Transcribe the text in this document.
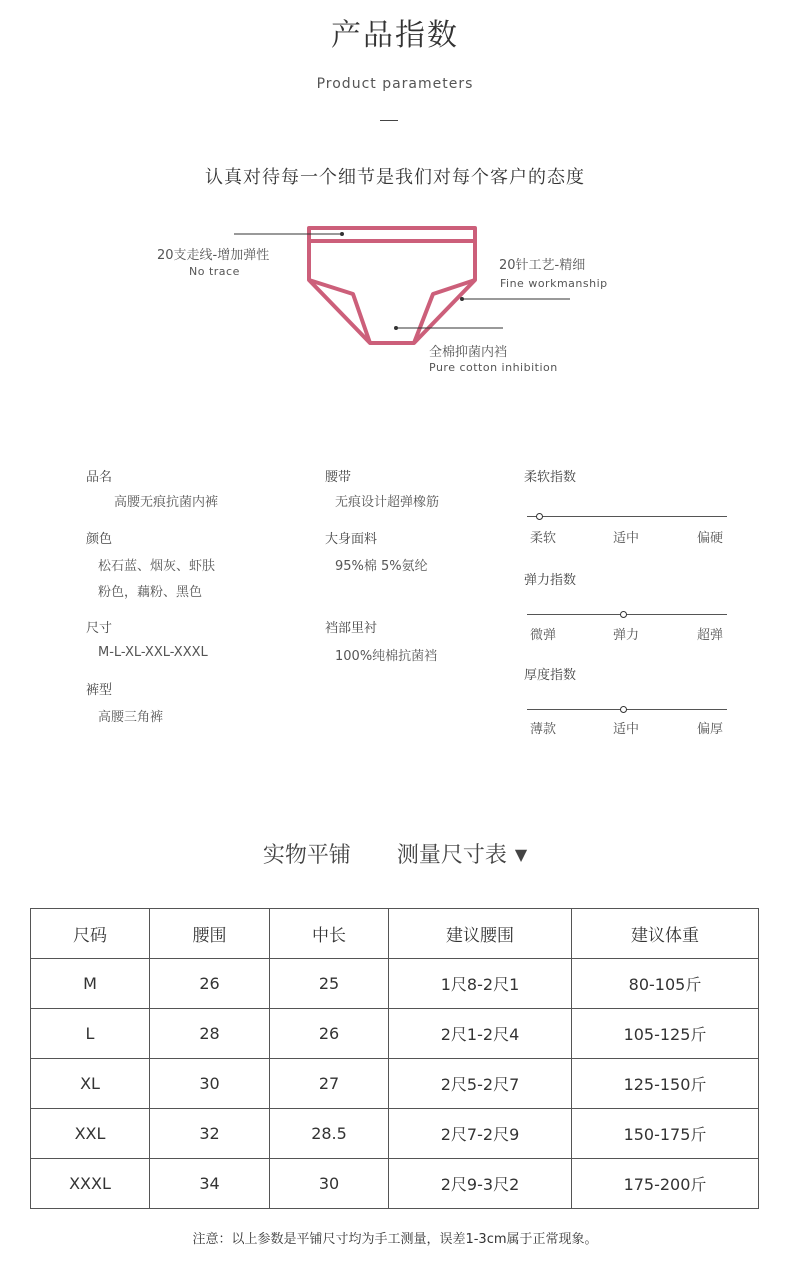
产品指数
Product parameters
认真对待每一个细节是我们对每个客户的态度
20支走线-增加弹性
No trace	20针工艺-精细
Fine workmanship
全棉抑菌内裆
Pure cotton inhibition
品名
高腰无痕抗菌内裤
颜色
松石蓝、烟灰、虾肤
粉色，藕粉、黑色
尺寸
M-L-XL-XXL-XXXL
裤型
高腰三角裤
腰带
无痕设计超弹橡筋
大身面料
95%棉 5%氨纶
裆部里衬
100%纯棉抗菌裆
柔软指数
柔软	适中	偏硬
弹力指数
微弹	弹力	超弹
厚度指数
薄款	适中	偏厚
实物平铺 测量尺寸表 ▼
尺码	腰围	中长	建议腰围	建议体重
M	26	25	1尺8-2尺1	80-105斤
L	28	26	2尺1-2尺4	105-125斤
XL	30	27	2尺5-2尺7	125-150斤
XXL	32	28.5	2尺7-2尺9	150-175斤
XXXL	34	30	2尺9-3尺2	175-200斤
注意：以上参数是平铺尺寸均为手工测量，误差1-3cm属于正常现象。
